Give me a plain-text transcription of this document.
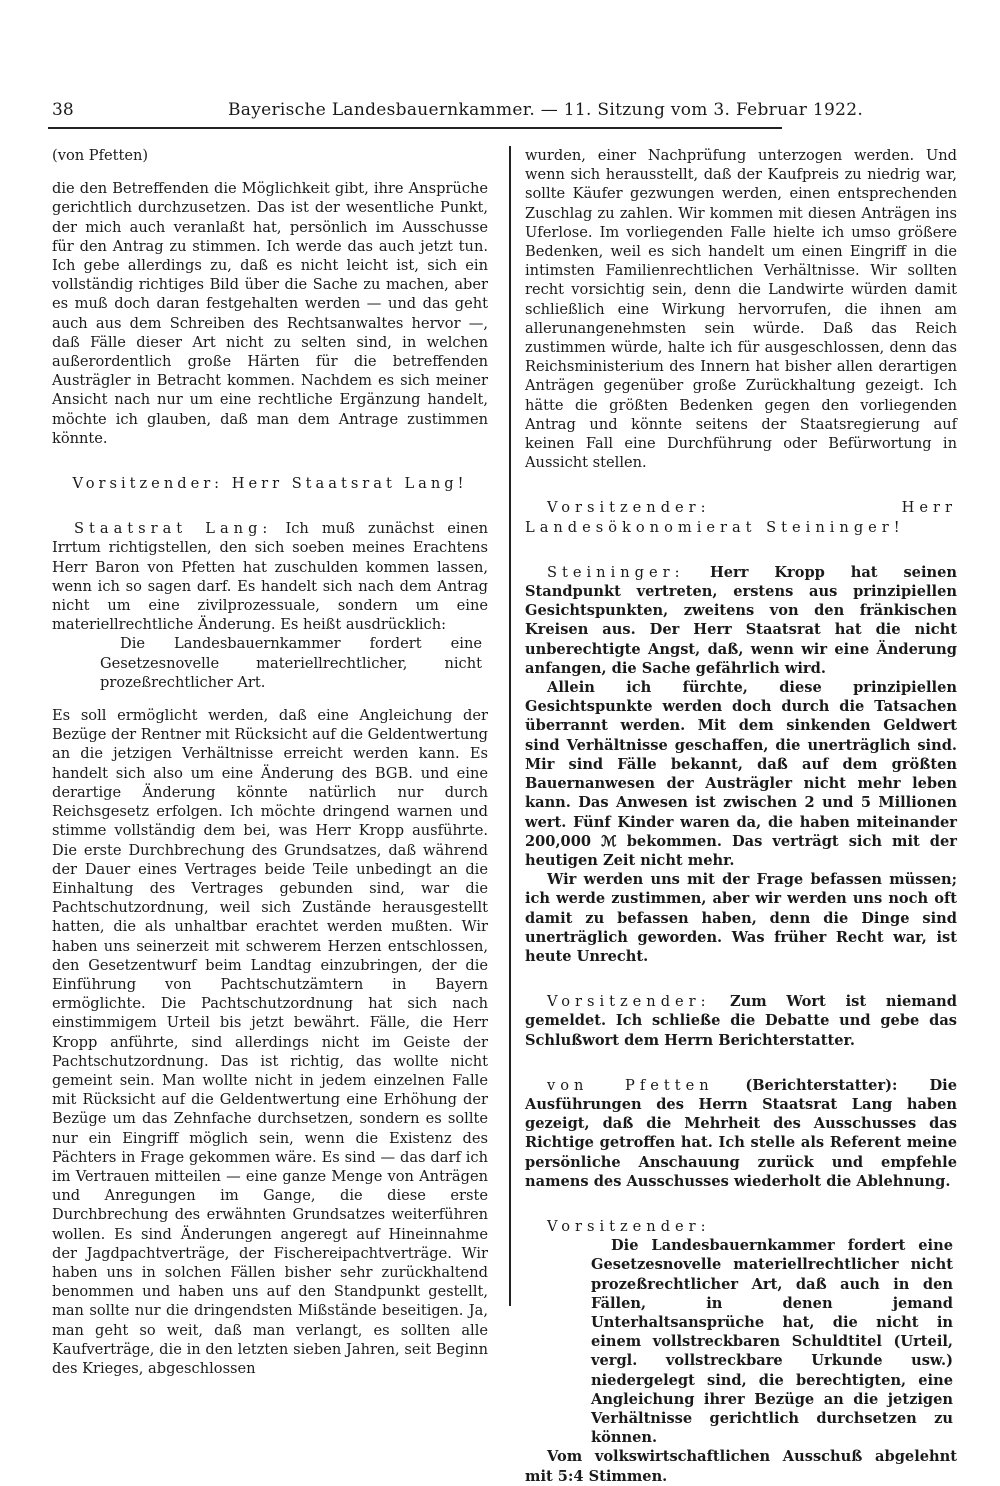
38	Bayerische Landesbauernkammer. — 11. Sitzung vom 3. Februar 1922.

(von Pfetten)

die den Betreffenden die Möglichkeit gibt, ihre Ansprüche gerichtlich durchzusetzen. Das ist der wesentliche Punkt, der mich auch veranlaßt hat, persönlich im Ausschusse für den Antrag zu stimmen. Ich werde das auch jetzt tun. Ich gebe allerdings zu, daß es nicht leicht ist, sich ein vollständig richtiges Bild über die Sache zu machen, aber es muß doch daran festgehalten werden — und das geht auch aus dem Schreiben des Rechtsanwaltes hervor —, daß Fälle dieser Art nicht zu selten sind, in welchen außerordentlich große Härten für die betreffenden Austrägler in Betracht kommen. Nachdem es sich meiner Ansicht nach nur um eine rechtliche Ergänzung handelt, möchte ich glauben, daß man dem Antrage zustimmen könnte.

Vorsitzender: Herr Staatsrat Lang!

Staatsrat Lang: Ich muß zunächst einen Irrtum richtigstellen, den sich soeben meines Erachtens Herr Baron von Pfetten hat zuschulden kommen lassen, wenn ich so sagen darf. Es handelt sich nach dem Antrag nicht um eine zivilprozessuale, sondern um eine materiellrechtliche Änderung. Es heißt ausdrücklich:

Die Landesbauernkammer fordert eine Gesetzesnovelle materiellrechtlicher, nicht prozeßrechtlicher Art.

Es soll ermöglicht werden, daß eine Angleichung der Bezüge der Rentner mit Rücksicht auf die Geldentwertung an die jetzigen Verhältnisse erreicht werden kann. Es handelt sich also um eine Änderung des BGB. und eine derartige Änderung könnte natürlich nur durch Reichsgesetz erfolgen. Ich möchte dringend warnen und stimme vollständig dem bei, was Herr Kropp ausführte. Die erste Durchbrechung des Grundsatzes, daß während der Dauer eines Vertrages beide Teile unbedingt an die Einhaltung des Vertrages gebunden sind, war die Pachtschutzordnung, weil sich Zustände herausgestellt hatten, die als unhaltbar erachtet werden mußten. Wir haben uns seinerzeit mit schwerem Herzen entschlossen, den Gesetzentwurf beim Landtag einzubringen, der die Einführung von Pachtschutzämtern in Bayern ermöglichte. Die Pachtschutzordnung hat sich nach einstimmigem Urteil bis jetzt bewährt. Fälle, die Herr Kropp anführte, sind allerdings nicht im Geiste der Pachtschutzordnung. Das ist richtig, das wollte nicht gemeint sein. Man wollte nicht in jedem einzelnen Falle mit Rücksicht auf die Geldentwertung eine Erhöhung der Bezüge um das Zehnfache durchsetzen, sondern es sollte nur ein Eingriff möglich sein, wenn die Existenz des Pächters in Frage gekommen wäre. Es sind — das darf ich im Vertrauen mitteilen — eine ganze Menge von Anträgen und Anregungen im Gange, die diese erste Durchbrechung des erwähnten Grundsatzes weiterführen wollen. Es sind Änderungen angeregt auf Hineinnahme der Jagdpachtverträge, der Fischereipachtverträge. Wir haben uns in solchen Fällen bisher sehr zurückhaltend benommen und haben uns auf den Standpunkt gestellt, man sollte nur die dringendsten Mißstände beseitigen. Ja, man geht so weit, daß man verlangt, es sollten alle Kaufverträge, die in den letzten sieben Jahren, seit Beginn des Krieges, abgeschlossen

wurden, einer Nachprüfung unterzogen werden. Und wenn sich herausstellt, daß der Kaufpreis zu niedrig war, sollte Käufer gezwungen werden, einen entsprechenden Zuschlag zu zahlen. Wir kommen mit diesen Anträgen ins Uferlose. Im vorliegenden Falle hielte ich umso größere Bedenken, weil es sich handelt um einen Eingriff in die intimsten Familienrechtlichen Verhältnisse. Wir sollten recht vorsichtig sein, denn die Landwirte würden damit schließlich eine Wirkung hervorrufen, die ihnen am allerunangenehmsten sein würde. Daß das Reich zustimmen würde, halte ich für ausgeschlossen, denn das Reichsministerium des Innern hat bisher allen derartigen Anträgen gegenüber große Zurückhaltung gezeigt. Ich hätte die größten Bedenken gegen den vorliegenden Antrag und könnte seitens der Staatsregierung auf keinen Fall eine Durchführung oder Befürwortung in Aussicht stellen.

Vorsitzender: Herr Landesökonomierat Steininger!

Steininger: Herr Kropp hat seinen Standpunkt vertreten, erstens aus prinzipiellen Gesichtspunkten, zweitens von den fränkischen Kreisen aus. Der Herr Staatsrat hat die nicht unberechtigte Angst, daß, wenn wir eine Änderung anfangen, die Sache gefährlich wird.

Allein ich fürchte, diese prinzipiellen Gesichtspunkte werden doch durch die Tatsachen überrannt werden. Mit dem sinkenden Geldwert sind Verhältnisse geschaffen, die unerträglich sind. Mir sind Fälle bekannt, daß auf dem größten Bauernanwesen der Austrägler nicht mehr leben kann. Das Anwesen ist zwischen 2 und 5 Millionen wert. Fünf Kinder waren da, die haben miteinander 200,000 ℳ bekommen. Das verträgt sich mit der heutigen Zeit nicht mehr.

Wir werden uns mit der Frage befassen müssen; ich werde zustimmen, aber wir werden uns noch oft damit zu befassen haben, denn die Dinge sind unerträglich geworden. Was früher Recht war, ist heute Unrecht.

Vorsitzender: Zum Wort ist niemand gemeldet. Ich schließe die Debatte und gebe das Schlußwort dem Herrn Berichterstatter.

von Pfetten (Berichterstatter): Die Ausführungen des Herrn Staatsrat Lang haben gezeigt, daß die Mehrheit des Ausschusses das Richtige getroffen hat. Ich stelle als Referent meine persönliche Anschauung zurück und empfehle namens des Ausschusses wiederholt die Ablehnung.

Vorsitzender:

Die Landesbauernkammer fordert eine Gesetzesnovelle materiellrechtlicher nicht prozeßrechtlicher Art, daß auch in den Fällen, in denen jemand Unterhaltsansprüche hat, die nicht in einem vollstreckbaren Schuldtitel (Urteil, vergl. vollstreckbare Urkunde usw.) niedergelegt sind, die berechtigten, eine Angleichung ihrer Bezüge an die jetzigen Verhältnisse gerichtlich durchsetzen zu können.

Vom volkswirtschaftlichen Ausschuß abgelehnt mit 5:4 Stimmen.
